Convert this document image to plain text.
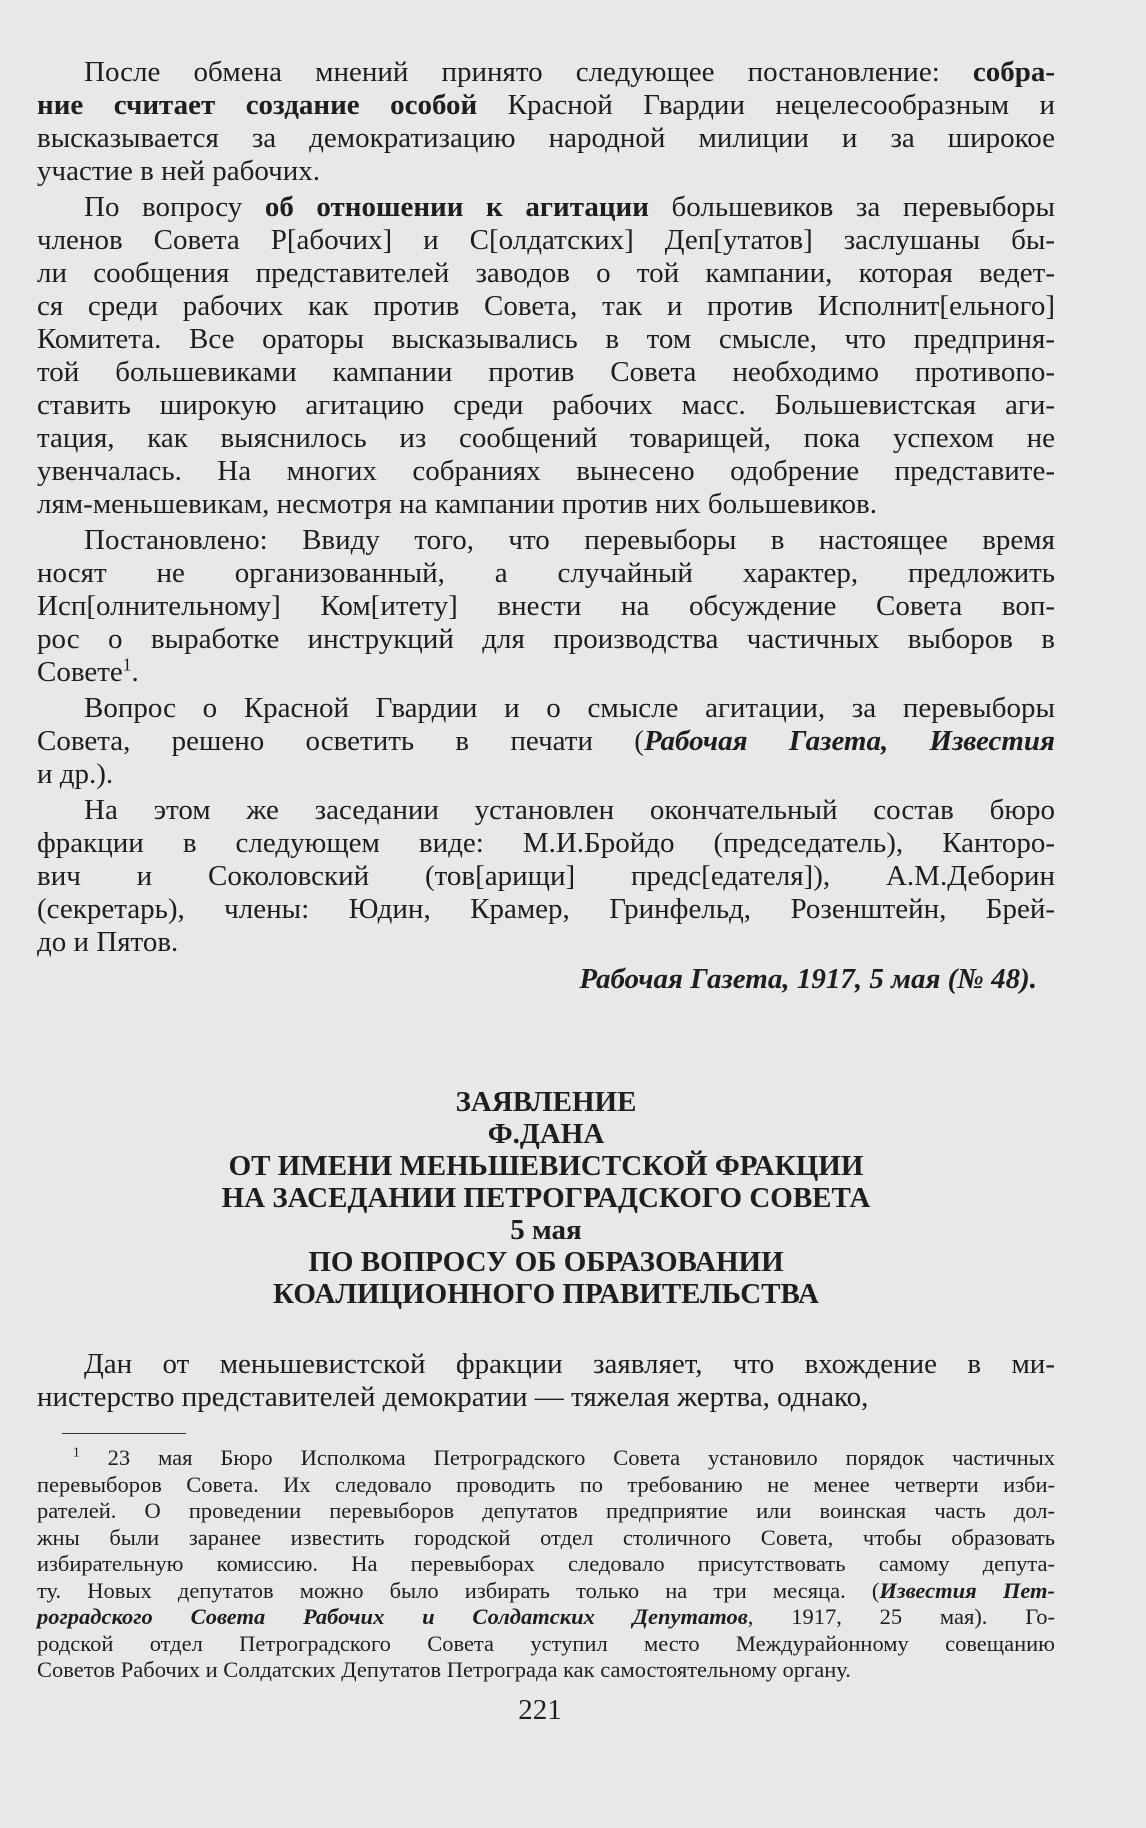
После обмена мнений принято следующее постановление: собра-
ние считает создание особой Красной Гвардии нецелесообразным и
высказывается за демократизацию народной милиции и за широкое
участие в ней рабочих.
По вопросу об отношении к агитации большевиков за перевыборы
членов Совета Р[абочих] и С[олдатских] Деп[утатов] заслушаны бы-
ли сообщения представителей заводов о той кампании, которая ведет-
ся среди рабочих как против Совета, так и против Исполнит[ельного]
Комитета. Все ораторы высказывались в том смысле, что предприня-
той большевиками кампании против Совета необходимо противопо-
ставить широкую агитацию среди рабочих масс. Большевистская аги-
тация, как выяснилось из сообщений товарищей, пока успехом не
увенчалась. На многих собраниях вынесено одобрение представите-
лям-меньшевикам, несмотря на кампании против них большевиков.
Постановлено: Ввиду того, что перевыборы в настоящее время
носят не организованный, а случайный характер, предложить
Исп[олнительному] Ком[итету] внести на обсуждение Совета воп-
рос о выработке инструкций для производства частичных выборов в
Совете$^1$.
Вопрос о Красной Гвардии и о смысле агитации, за перевыборы
Совета, решено осветить в печати (Рабочая Газета, Известия
и др.).
На этом же заседании установлен окончательный состав бюро
фракции в следующем виде: М.И.Бройдо (председатель), Канторо-
вич и Соколовский (тов[арищи] предс[едателя]), А.М.Деборин
(секретарь), члены: Юдин, Крамер, Гринфельд, Розенштейн, Брей-
до и Пятов.
Рабочая Газета, 1917, 5 мая (№ 48).
ЗАЯВЛЕНИЕ
Ф.ДАНА
ОТ ИМЕНИ МЕНЬШЕВИСТСКОЙ ФРАКЦИИ
НА ЗАСЕДАНИИ ПЕТРОГРАДСКОГО СОВЕТА
5 мая
ПО ВОПРОСУ ОБ ОБРАЗОВАНИИ
КОАЛИЦИОННОГО ПРАВИТЕЛЬСТВА
Дан от меньшевистской фракции заявляет, что вхождение в ми-
нистерство представителей демократии — тяжелая жертва, однако,
$^1$ 23 мая Бюро Исполкома Петроградского Совета установило порядок частичных
перевыборов Совета. Их следовало проводить по требованию не менее четверти изби-
рателей. О проведении перевыборов депутатов предприятие или воинская часть дол-
жны были заранее известить городской отдел столичного Совета, чтобы образовать
избирательную комиссию. На перевыборах следовало присутствовать самому депута-
ту. Новых депутатов можно было избирать только на три месяца. (Известия Пет-
роградского Совета Рабочих и Солдатских Депутатов, 1917, 25 мая). Го-
родской отдел Петроградского Совета уступил место Междурайонному совещанию
Советов Рабочих и Солдатских Депутатов Петрограда как самостоятельному органу.
221
